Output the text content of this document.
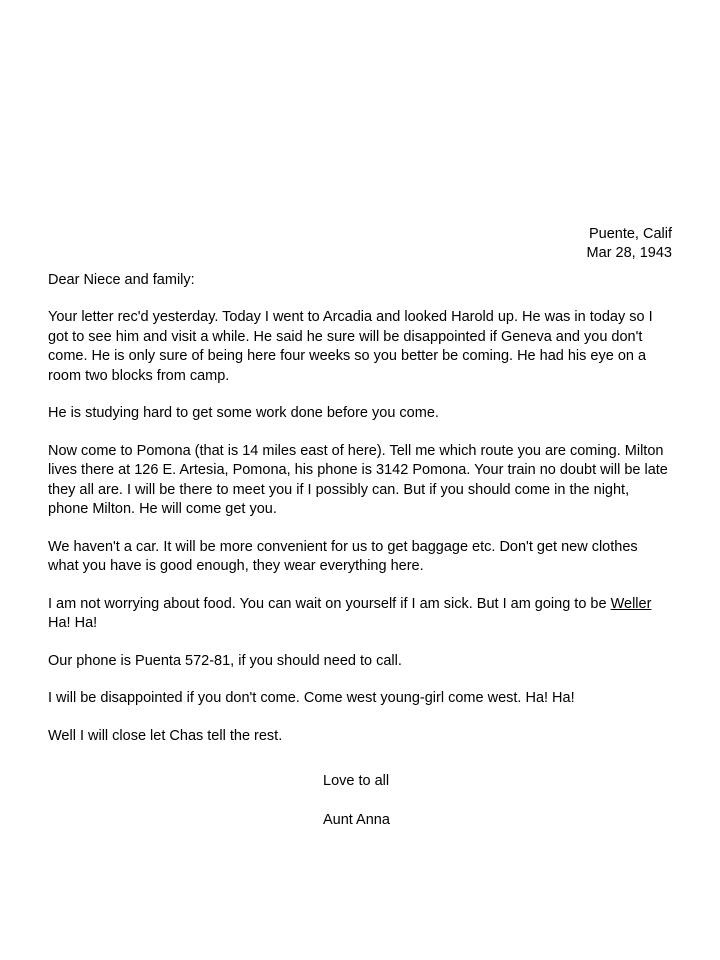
Puente, Calif
Mar 28, 1943
Dear Niece and family:

Your letter rec'd yesterday. Today I went to Arcadia and looked Harold up. He was in today so I got to see him and visit a while. He said he sure will be disappointed if Geneva and you don't come. He is only sure of being here four weeks so you better be coming. He had his eye on a room two blocks from camp.

He is studying hard to get some work done before you come.

Now come to Pomona (that is 14 miles east of here). Tell me which route you are coming. Milton lives there at 126 E. Artesia, Pomona, his phone is 3142 Pomona. Your train no doubt will be late they all are. I will be there to meet you if I possibly can. But if you should come in the night, phone Milton. He will come get you.

We haven't a car. It will be more convenient for us to get baggage etc. Don't get new clothes what you have is good enough, they wear everything here.

I am not worrying about food. You can wait on yourself if I am sick. But I am going to be Weller Ha! Ha!

Our phone is Puenta 572-81, if you should need to call.

I will be disappointed if you don't come. Come west young-girl come west. Ha! Ha!

Well I will close let Chas tell the rest.

Love to all
Aunt Anna
